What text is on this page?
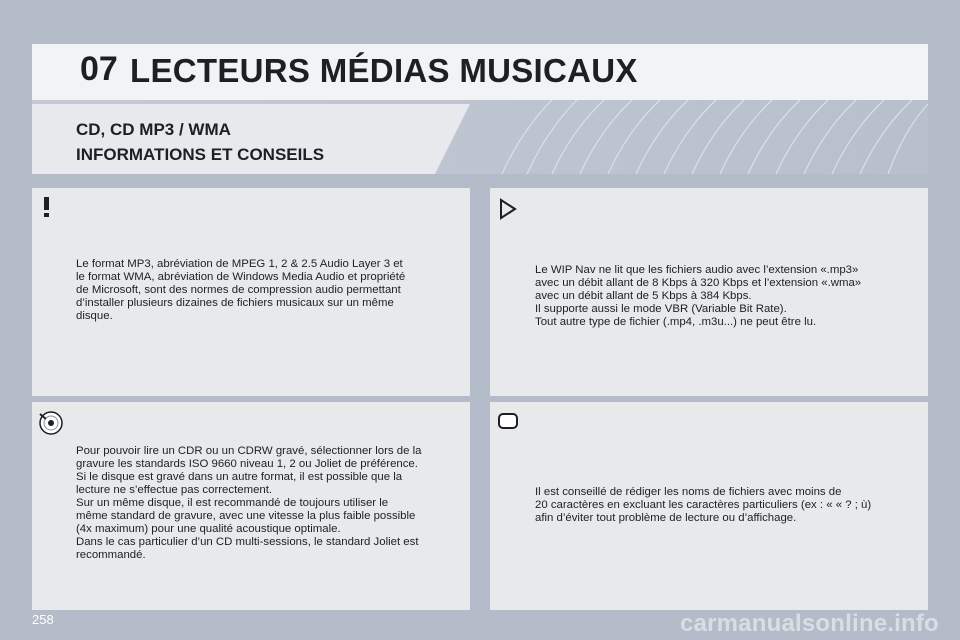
07 LECTEURS MÉDIAS MUSICAUX
CD, CD MP3 / WMA
INFORMATIONS ET CONSEILS
Le format MP3, abréviation de MPEG 1, 2 & 2.5 Audio Layer 3 et
le format WMA, abréviation de Windows Media Audio et propriété
de Microsoft, sont des normes de compression audio permettant
d’installer plusieurs dizaines de fichiers musicaux sur un même
disque.
Le WIP Nav ne lit que les fichiers audio avec l’extension «.mp3»
avec un débit allant de 8 Kbps à 320 Kbps et l’extension «.wma»
avec un débit allant de 5 Kbps à 384 Kbps.
Il supporte aussi le mode VBR (Variable Bit Rate).
Tout autre type de fichier (.mp4, .m3u...) ne peut être lu.
Pour pouvoir lire un CDR ou un CDRW gravé, sélectionner lors de la
gravure les standards ISO 9660 niveau 1, 2 ou Joliet de préférence.
Si le disque est gravé dans un autre format, il est possible que la
lecture ne s’effectue pas correctement.
Sur un même disque, il est recommandé de toujours utiliser le
même standard de gravure, avec une vitesse la plus faible possible
(4x maximum) pour une qualité acoustique optimale.
Dans le cas particulier d’un CD multi-sessions, le standard Joliet est
recommandé.
Il est conseillé de rédiger les noms de fichiers avec moins de
20 caractères en excluant les caractères particuliers (ex : « « ? ; ù)
afin d’éviter tout problème de lecture ou d’affichage.
258	carmanualsonline.info
